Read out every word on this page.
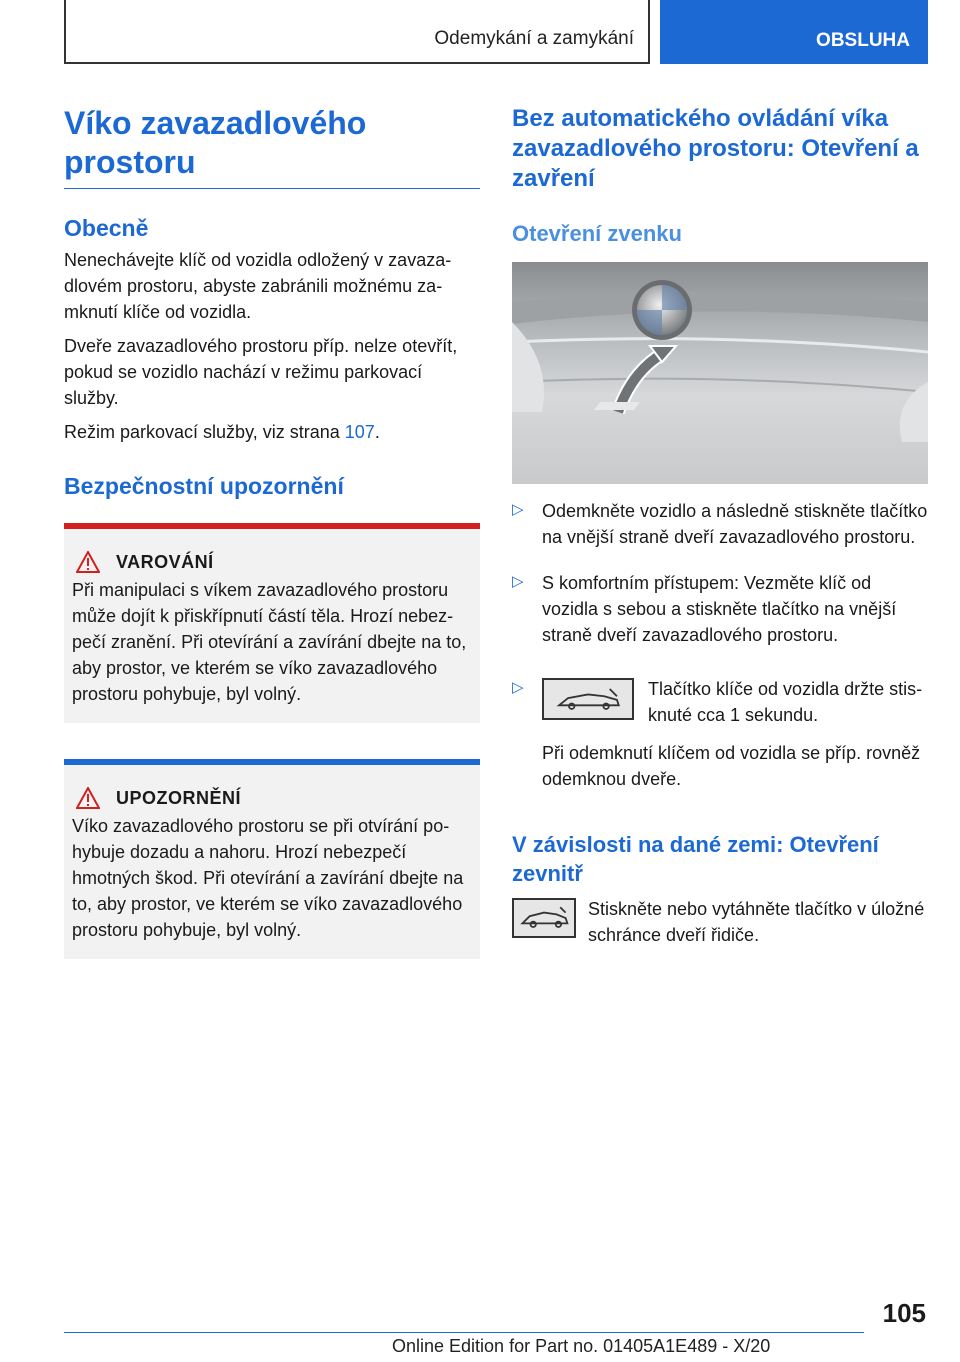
Odemykání a zamykání	OBSLUHA
Víko zavazadlového prostoru
Obecně

Nenechávejte klíč od vozidla odložený v zavazadlovém prostoru, abyste zabránili možnému zamknutí klíče od vozidla.

Dveře zavazadlového prostoru příp. nelze otevřít, pokud se vozidlo nachází v režimu parkovací služby.

Režim parkovací služby, viz strana 107.

Bezpečnostní upozornění
VAROVÁNÍ

Při manipulaci s víkem zavazadlového prostoru může dojít k přiskřípnutí částí těla. Hrozí nebezpečí zranění. Při otevírání a zavírání dbejte na to, aby prostor, ve kterém se víko zavazadlového prostoru pohybuje, byl volný.

UPOZORNĚNÍ

Víko zavazadlového prostoru se při otvírání pohybuje dozadu a nahoru. Hrozí nebezpečí hmotných škod. Při otevírání a zavírání dbejte na to, aby prostor, ve kterém se víko zavazadlového prostoru pohybuje, byl volný.

Bez automatického ovládání víka zavazadlového prostoru: Otevření a zavření
Otevření zvenku
▷	Odemkněte vozidlo a následně stiskněte tlačítko na vnější straně dveří zavazadlového prostoru.

▷	S komfortním přístupem: Vezměte klíč od vozidla s sebou a stiskněte tlačítko na vnější straně dveří zavazadlového prostoru.

▷	Tlačítko klíče od vozidla držte stisknuté cca 1 sekundu.

Při odemknutí klíčem od vozidla se příp. rovněž odemknou dveře.

V závislosti na dané zemi: Otevření zevnitř

Stiskněte nebo vytáhněte tlačítko v úložné schránce dveří řidiče.

105
Online Edition for Part no. 01405A1E489 - X/20
